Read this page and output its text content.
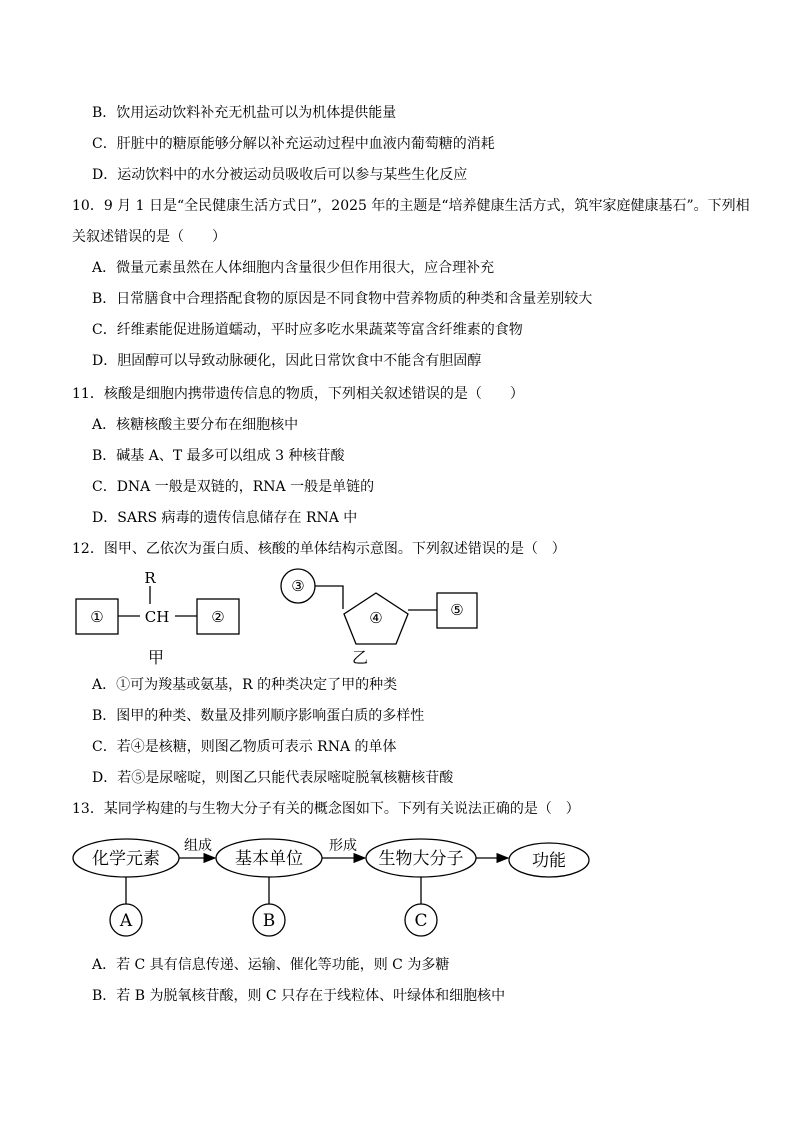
B．饮用运动饮料补充无机盐可以为机体提供能量
C．肝脏中的糖原能够分解以补充运动过程中血液内葡萄糖的消耗
D．运动饮料中的水分被运动员吸收后可以参与某些生化反应
10．9 月 1 日是“全民健康生活方式日”，2025 年的主题是“培养健康生活方式，筑牢家庭健康基石”。下列相
关叙述错误的是（　　）
A．微量元素虽然在人体细胞内含量很少但作用很大，应合理补充
B．日常膳食中合理搭配食物的原因是不同食物中营养物质的种类和含量差别较大
C．纤维素能促进肠道蠕动，平时应多吃水果蔬菜等富含纤维素的食物
D．胆固醇可以导致动脉硬化，因此日常饮食中不能含有胆固醇
11．核酸是细胞内携带遗传信息的物质，下列相关叙述错误的是（　　）
A．核糖核酸主要分布在细胞核中
B．碱基 A、T 最多可以组成 3 种核苷酸
C．DNA 一般是双链的，RNA 一般是单链的
D．SARS 病毒的遗传信息储存在 RNA 中
12．图甲、乙依次为蛋白质、核酸的单体结构示意图。下列叙述错误的是（　）
①	CH
R
②
甲
③
④	⑤
乙
A．①可为羧基或氨基，R 的种类决定了甲的种类
B．图甲的种类、数量及排列顺序影响蛋白质的多样性
C．若④是核糖，则图乙物质可表示 RNA 的单体
D．若⑤是尿嘧啶，则图乙只能代表尿嘧啶脱氧核糖核苷酸
13．某同学构建的与生物大分子有关的概念图如下。下列有关说法正确的是（　）
化学元素	基本单位	生物大分子	功能
组成	形成
A	B	C
A．若 C 具有信息传递、运输、催化等功能，则 C 为多糖
B．若 B 为脱氧核苷酸，则 C 只存在于线粒体、叶绿体和细胞核中
